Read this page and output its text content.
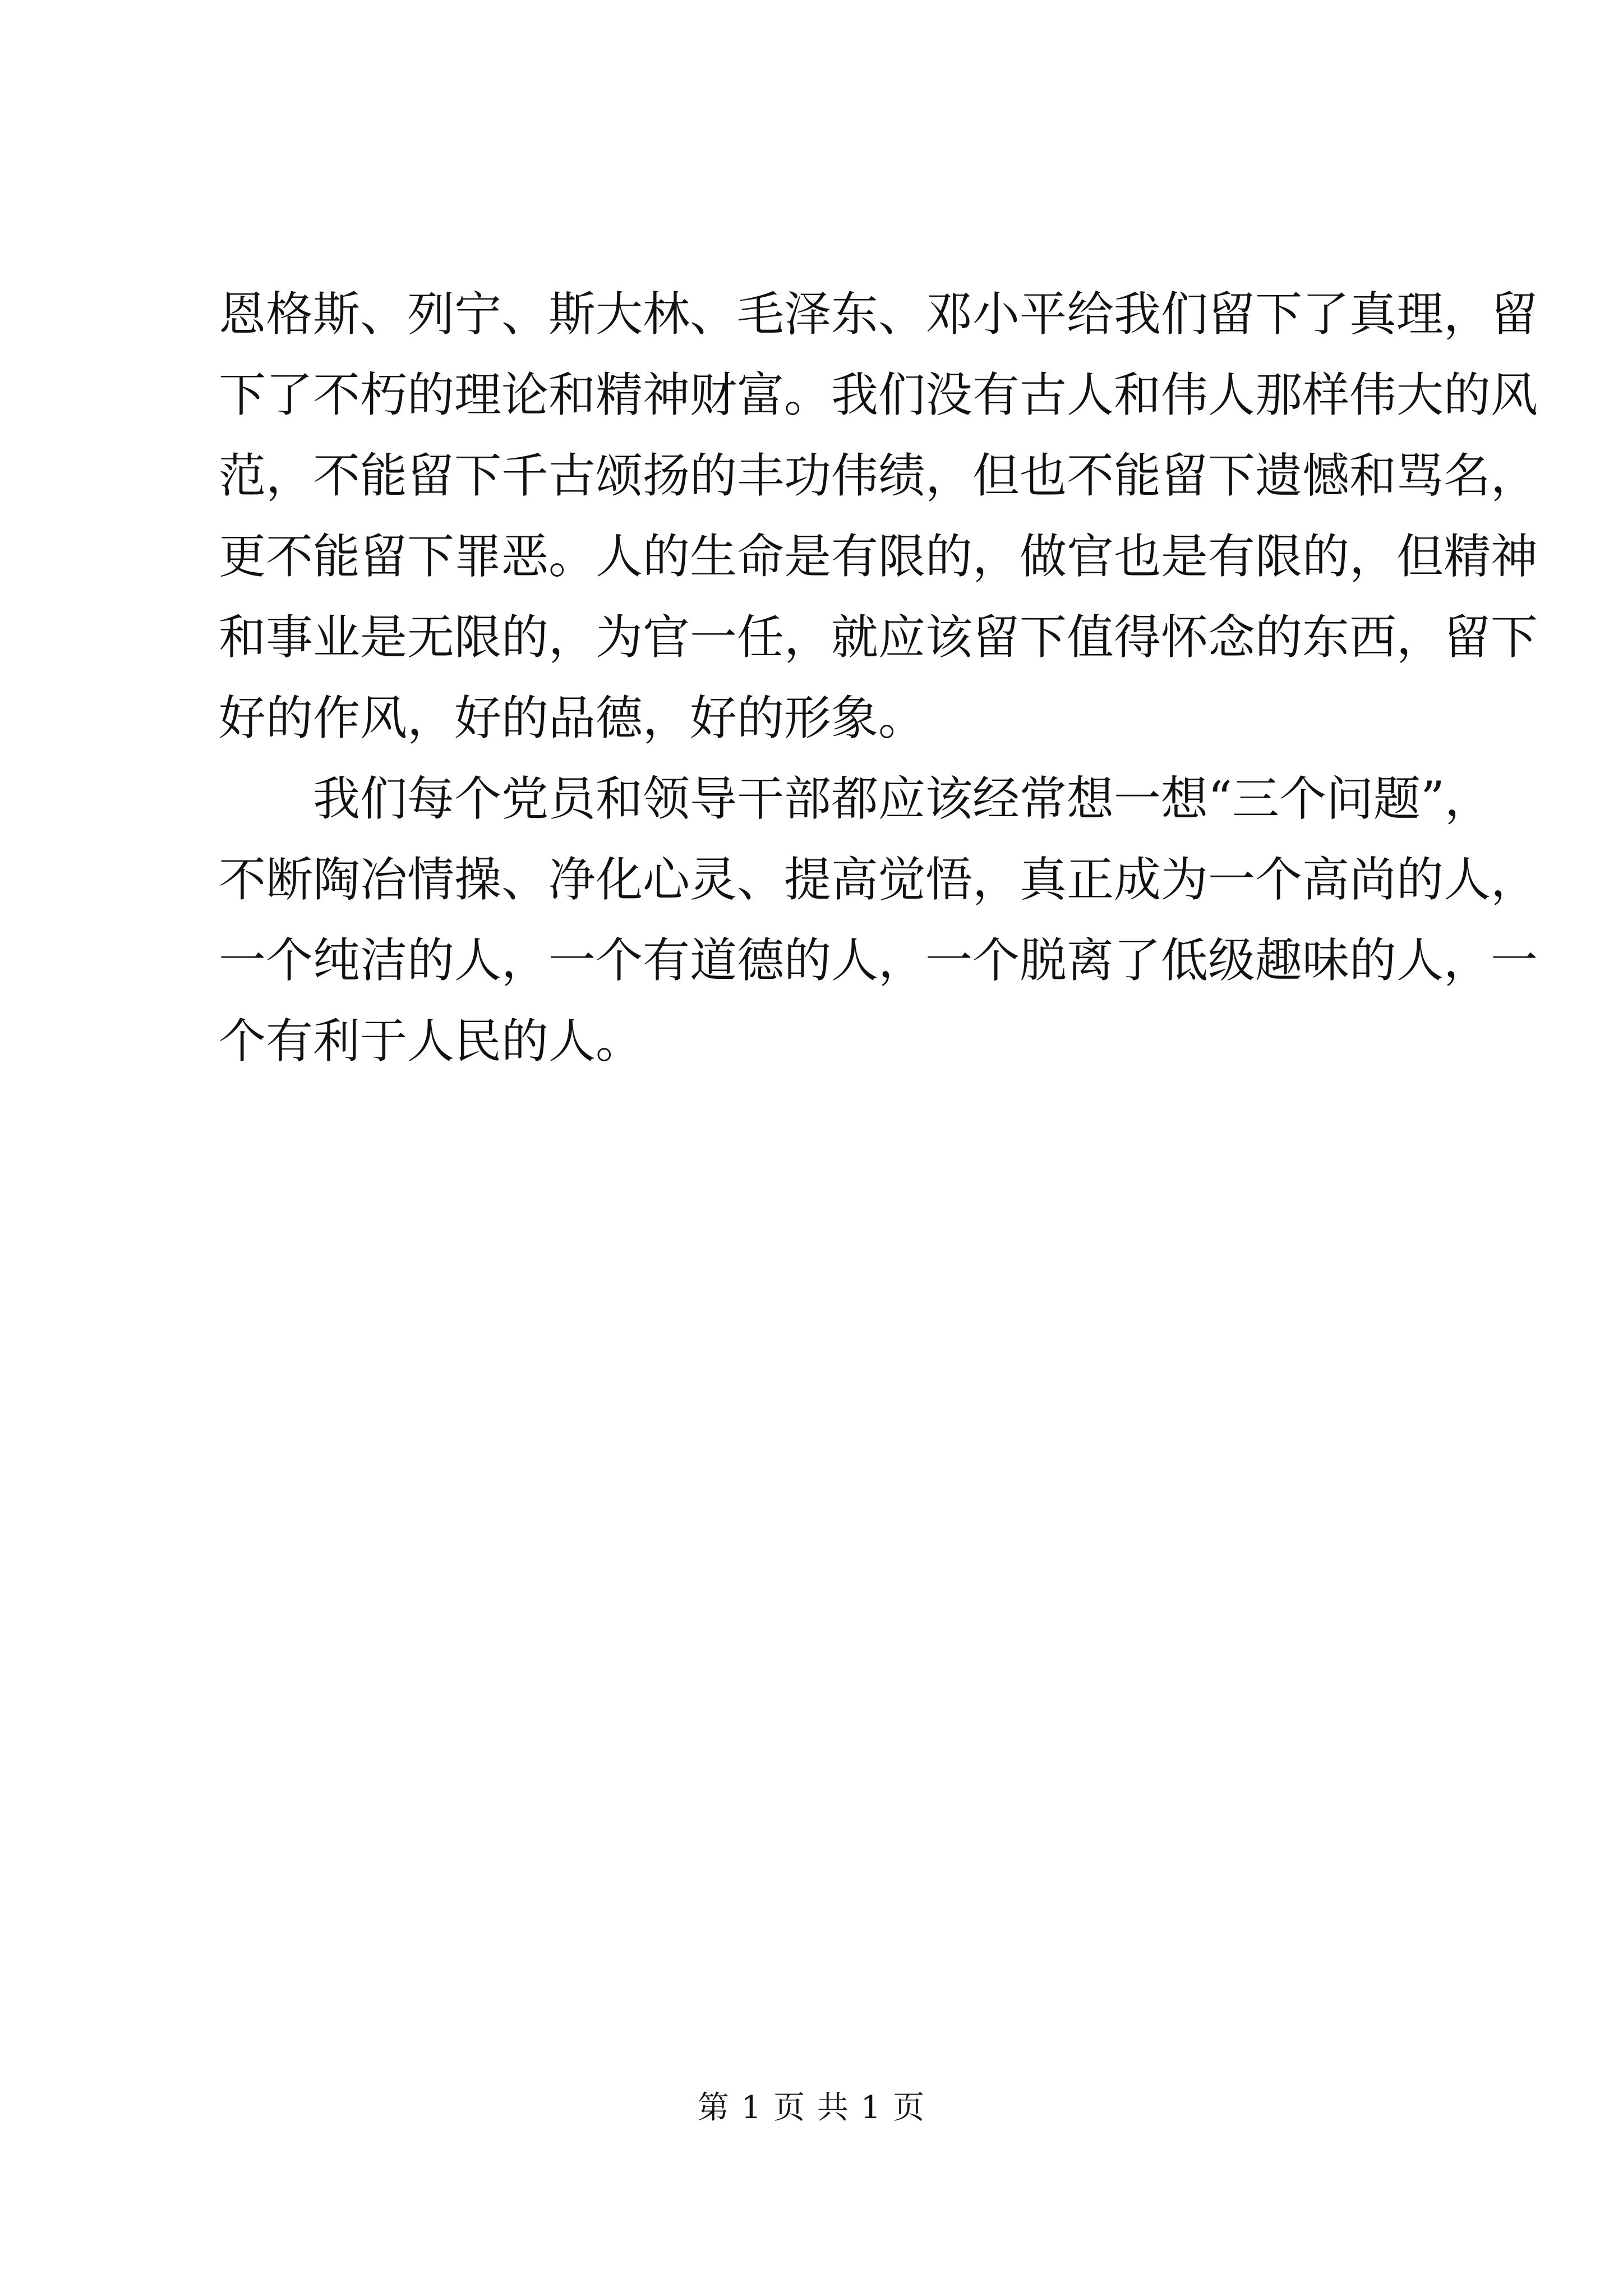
恩格斯、列宁、斯大林、毛泽东、邓小平给我们留下了真理，留
下了不朽的理论和精神财富。我们没有古人和伟人那样伟大的风
范，不能留下千古颂扬的丰功伟绩，但也不能留下遗憾和骂名，
更不能留下罪恶。人的生命是有限的，做官也是有限的，但精神
和事业是无限的，为官一任，就应该留下值得怀念的东西，留下
好的作风，好的品德，好的形象。
我们每个党员和领导干部都应该经常想一想“三个问题”，
不断陶冶情操、净化心灵、提高觉悟，真正成为一个高尚的人，
一个纯洁的人，一个有道德的人，一个脱离了低级趣味的人，一
个有利于人民的人。
第 1 页 共 1 页
